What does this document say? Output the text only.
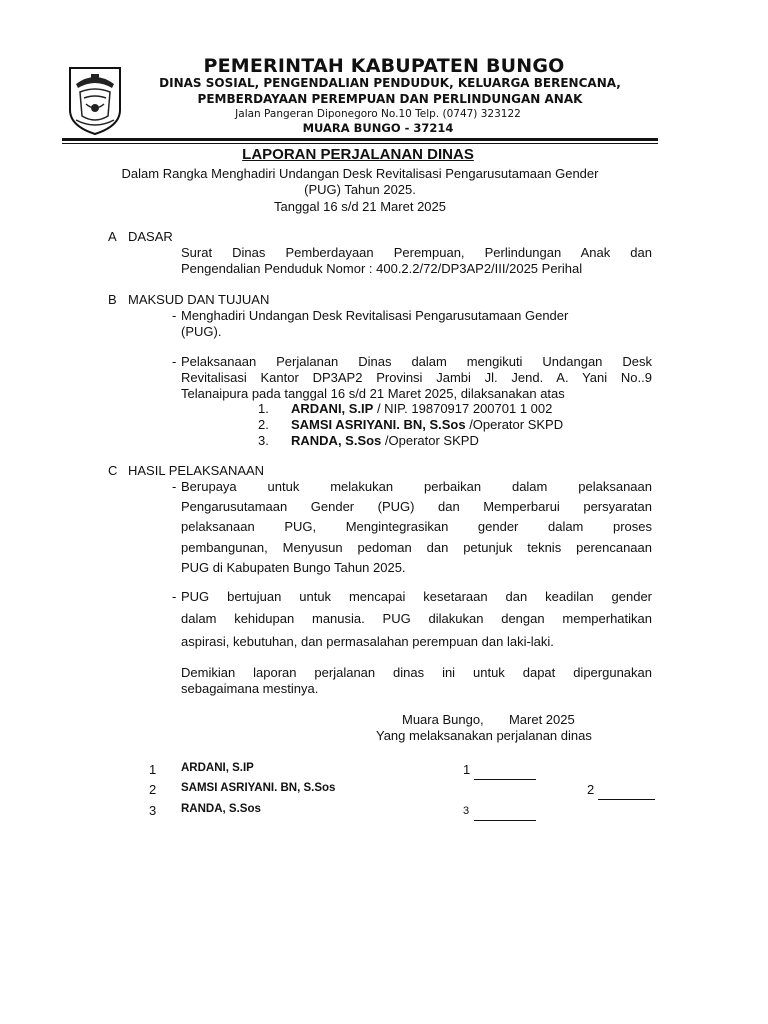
PEMERINTAH KABUPATEN BUNGO
DINAS SOSIAL, PENGENDALIAN PENDUDUK, KELUARGA BERENCANA,
PEMBERDAYAAN PEREMPUAN DAN PERLINDUNGAN ANAK
Jalan Pangeran Diponegoro No.10 Telp. (0747) 323122
MUARA BUNGO - 37214
LAPORAN PERJALANAN DINAS
Dalam Rangka Menghadiri Undangan Desk Revitalisasi Pengarusutamaan Gender
(PUG) Tahun 2025.
Tanggal 16 s/d 21 Maret 2025
A DASAR
Surat Dinas Pemberdayaan Perempuan, Perlindungan Anak dan
Pengendalian Penduduk Nomor : 400.2.2/72/DP3AP2/III/2025 Perihal
B MAKSUD DAN TUJUAN
- Menghadiri Undangan Desk Revitalisasi Pengarusutamaan Gender
(PUG).
- Pelaksanaan Perjalanan Dinas dalam mengikuti Undangan Desk
Revitalisasi Kantor DP3AP2 Provinsi Jambi Jl. Jend. A. Yani No..9
Telanaipura pada tanggal 16 s/d 21 Maret 2025, dilaksanakan atas
1. ARDANI, S.IP / NIP. 19870917 200701 1 002
2. SAMSI ASRIYANI. BN, S.Sos /Operator SKPD
3. RANDA, S.Sos /Operator SKPD
C HASIL PELAKSANAAN
- Berupaya untuk melakukan perbaikan dalam pelaksanaan
Pengarusutamaan Gender (PUG) dan Memperbarui persyaratan
pelaksanaan PUG, Mengintegrasikan gender dalam proses
pembangunan, Menyusun pedoman dan petunjuk teknis perencanaan
PUG di Kabupaten Bungo Tahun 2025.
- PUG bertujuan untuk mencapai kesetaraan dan keadilan gender
dalam kehidupan manusia. PUG dilakukan dengan memperhatikan
aspirasi, kebutuhan, dan permasalahan perempuan dan laki-laki.
Demikian laporan perjalanan dinas ini untuk dapat dipergunakan
sebagaimana mestinya.
Muara Bungo,       Maret 2025
Yang melaksanakan perjalanan dinas
1 ARDANI, S.IP	1
2 SAMSI ASRIYANI. BN, S.Sos	2
3 RANDA, S.Sos	3
